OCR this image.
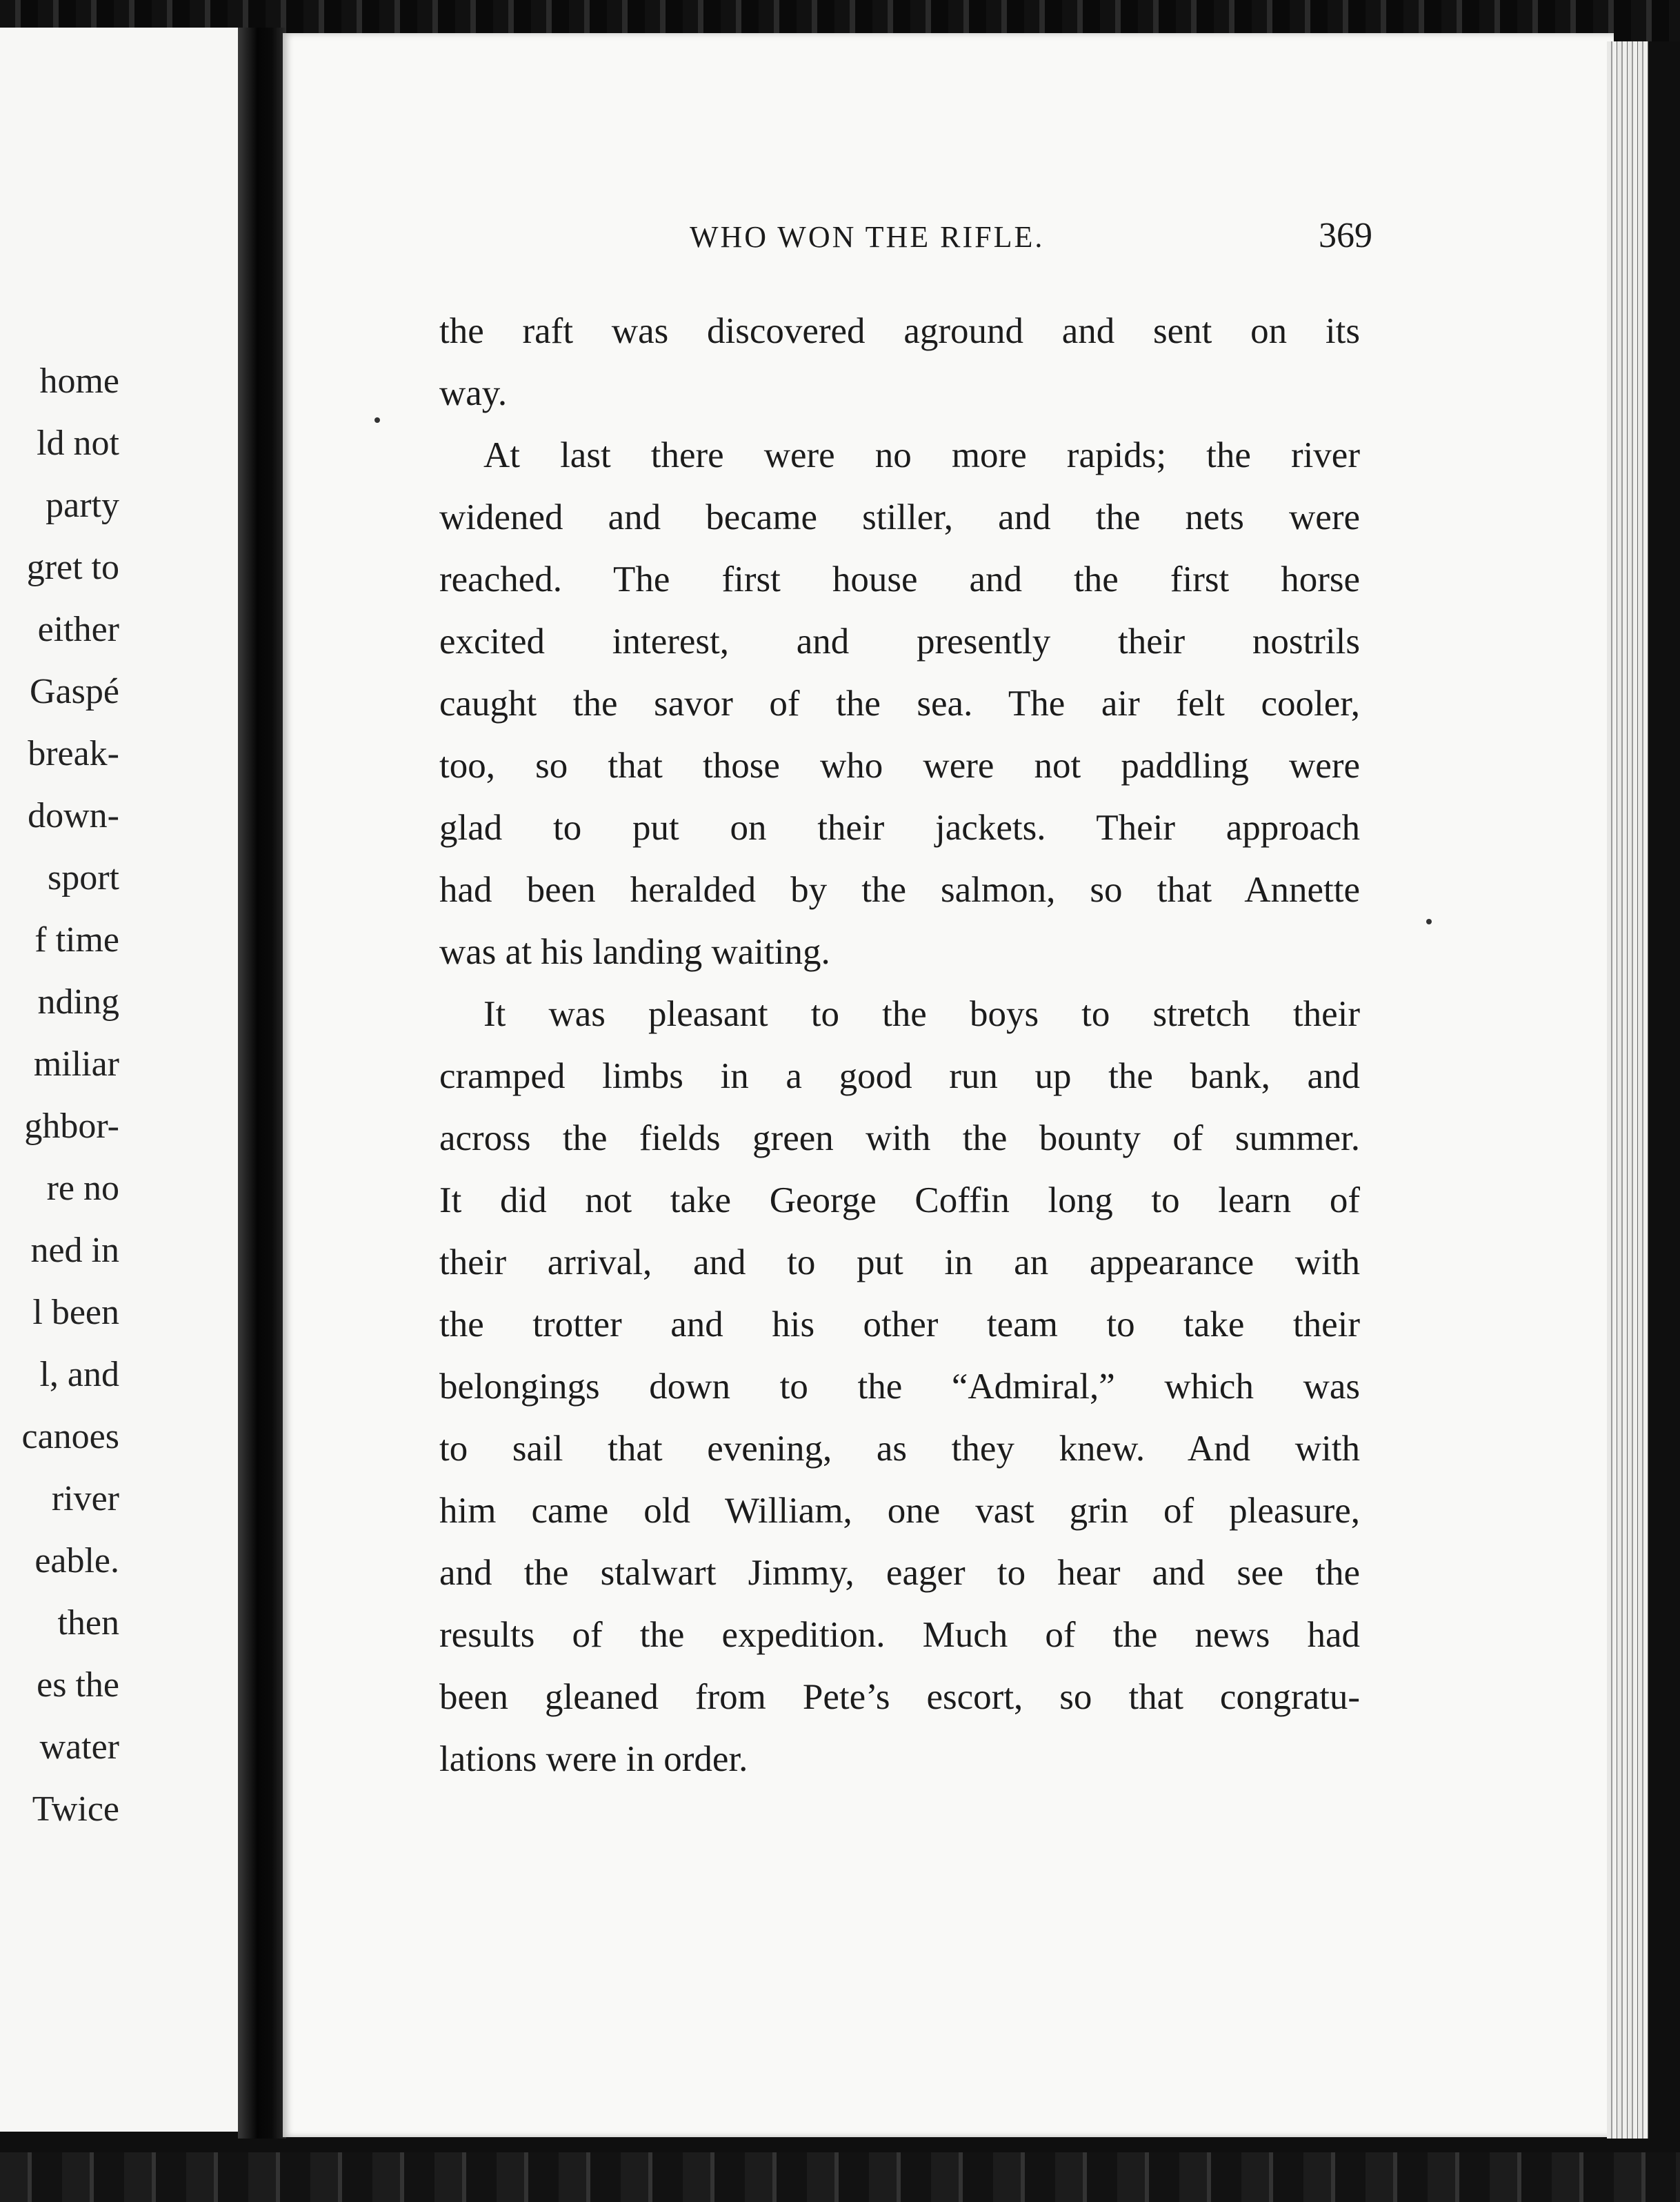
home
ld not
party
gret to
either
Gaspé
break-
down-
sport
f time
nding
miliar
ghbor-
re no
ned in
l been
l, and
canoes
river
eable.
then
es the
water
Twice
WHO WON THE RIFLE.	369
the raft was discovered aground and sent on its
way.
At last there were no more rapids; the river
widened and became stiller, and the nets were
reached. The first house and the first horse
excited interest, and presently their nostrils
caught the savor of the sea. The air felt cooler,
too, so that those who were not paddling were
glad to put on their jackets. Their approach
had been heralded by the salmon, so that Annette
was at his landing waiting.
It was pleasant to the boys to stretch their
cramped limbs in a good run up the bank, and
across the fields green with the bounty of summer.
It did not take George Coffin long to learn of
their arrival, and to put in an appearance with
the trotter and his other team to take their
belongings down to the “Admiral,” which was
to sail that evening, as they knew. And with
him came old William, one vast grin of pleasure,
and the stalwart Jimmy, eager to hear and see the
results of the expedition. Much of the news had
been gleaned from Pete’s escort, so that congratu-
lations were in order.
